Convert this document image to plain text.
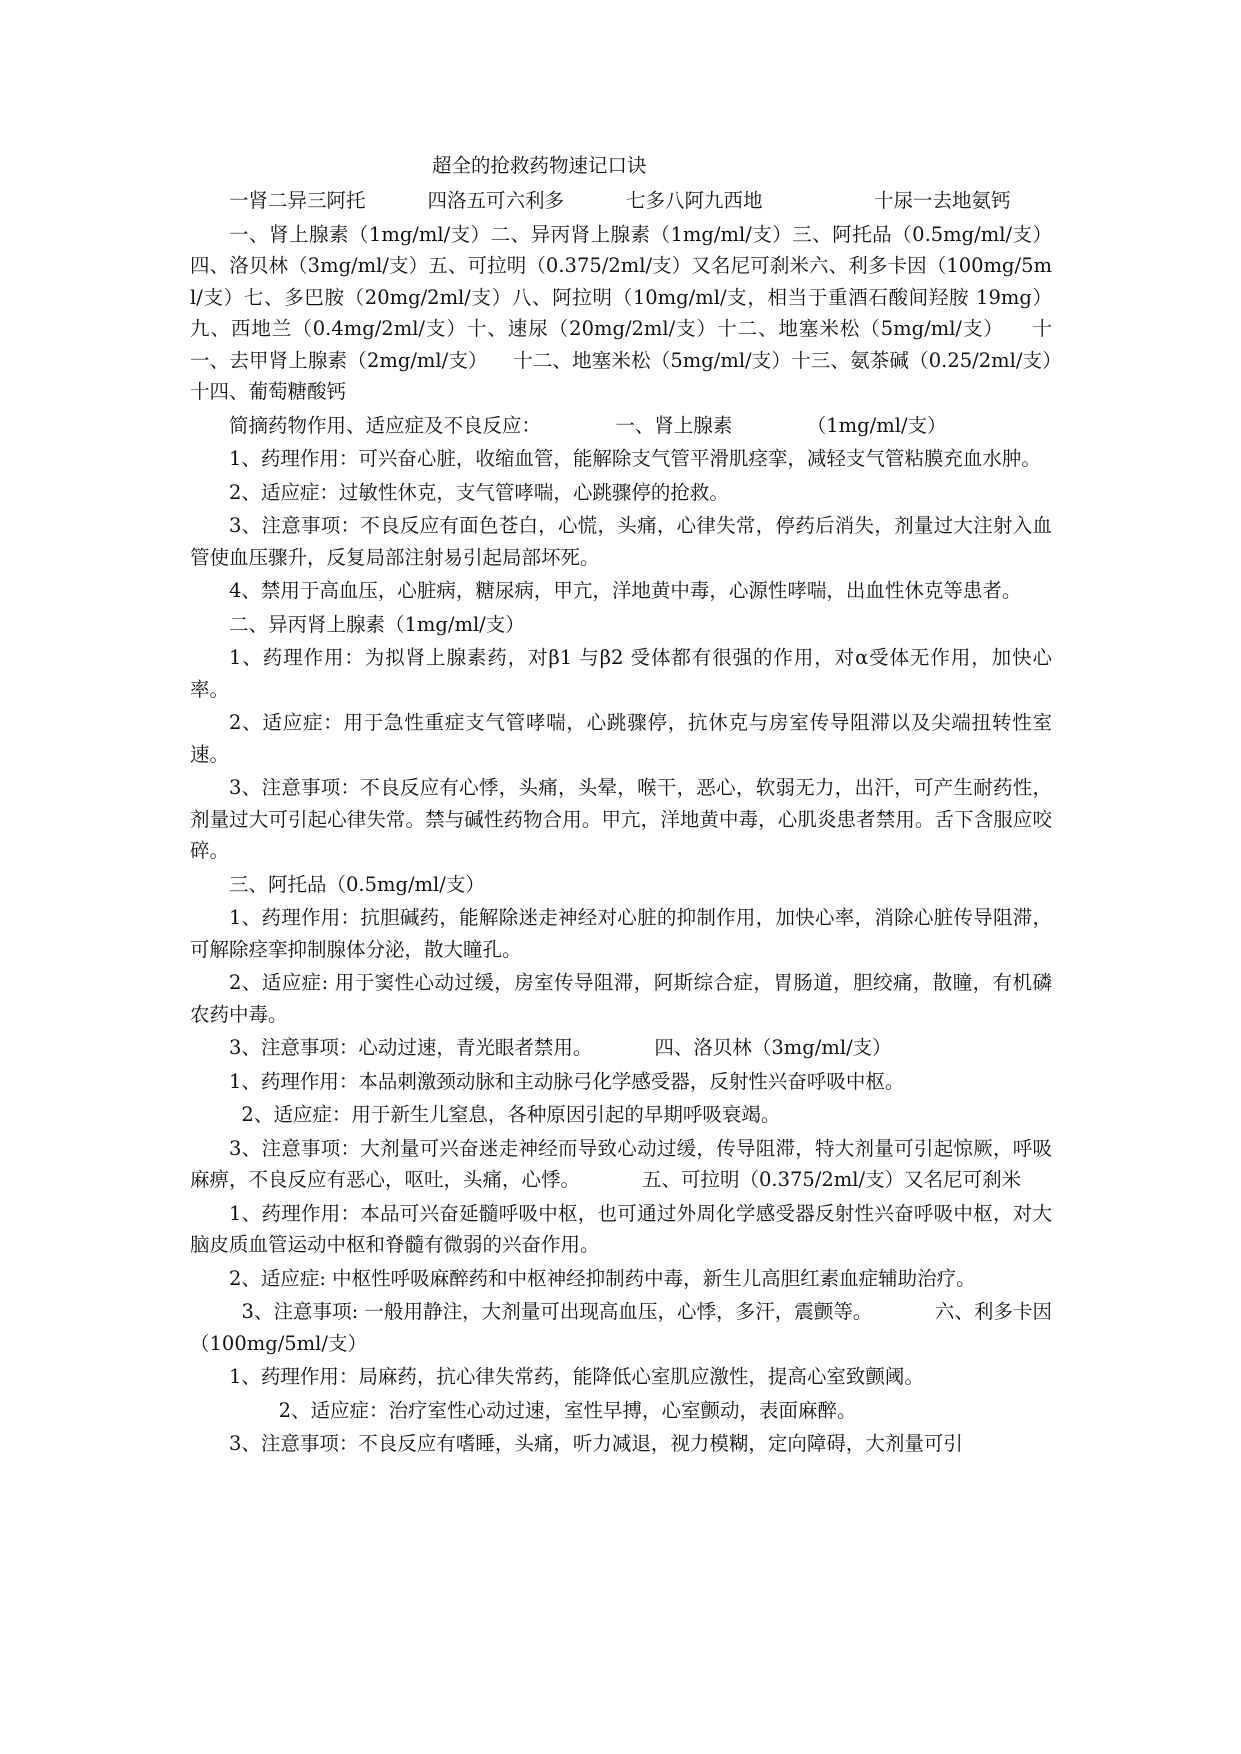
超全的抢救药物速记口诀

一肾二异三阿托          四洛五可六利多          七多八阿九西地                  十尿一去地氨钙

一、肾上腺素（1mg/ml/支）二、异丙肾上腺素（1mg/ml/支）三、阿托品（0.5mg/ml/支）四、洛贝林（3mg/ml/支）五、可拉明（0.375/2ml/支）又名尼可刹米六、利多卡因（100mg/5ml/支）七、多巴胺（20mg/2ml/支）八、阿拉明（10mg/ml/支，相当于重酒石酸间羟胺 19mg）    九、西地兰（0.4mg/2ml/支）十、速尿（20mg/2ml/支）十二、地塞米松（5mg/ml/支）    十一、去甲肾上腺素（2mg/ml/支）    十二、地塞米松（5mg/ml/支）十三、氨茶碱（0.25/2ml/支）十四、葡萄糖酸钙

简摘药物作用、适应症及不良反应：            一、肾上腺素            （1mg/ml/支）

1、药理作用：可兴奋心脏，收缩血管，能解除支气管平滑肌痉挛，减轻支气管粘膜充血水肿。

2、适应症：过敏性休克，支气管哮喘，心跳骤停的抢救。

3、注意事项：不良反应有面色苍白，心慌，头痛，心律失常，停药后消失，剂量过大注射入血管使血压骤升，反复局部注射易引起局部坏死。

4、禁用于高血压，心脏病，糖尿病，甲亢，洋地黄中毒，心源性哮喘，出血性休克等患者。

二、异丙肾上腺素（1mg/ml/支）

1、药理作用：为拟肾上腺素药，对β1 与β2 受体都有很强的作用，对α受体无作用，加快心率。

2、适应症：用于急性重症支气管哮喘，心跳骤停，抗休克与房室传导阻滞以及尖端扭转性室速。

3、注意事项：不良反应有心悸，头痛，头晕，喉干，恶心，软弱无力，出汗，可产生耐药性，剂量过大可引起心律失常。禁与碱性药物合用。甲亢，洋地黄中毒，心肌炎患者禁用。舌下含服应咬碎。

三、阿托品（0.5mg/ml/支）

1、药理作用：抗胆碱药，能解除迷走神经对心脏的抑制作用，加快心率，消除心脏传导阻滞，可解除痉挛抑制腺体分泌，散大瞳孔。

2、适应症: 用于窦性心动过缓，房室传导阻滞，阿斯综合症，胃肠道，胆绞痛，散瞳，有机磷农药中毒。

3、注意事项：心动过速，青光眼者禁用。          四、洛贝林（3mg/ml/支）

1、药理作用：本品刺激颈动脉和主动脉弓化学感受器，反射性兴奋呼吸中枢。

2、适应症：用于新生儿窒息，各种原因引起的早期呼吸衰竭。

3、注意事项：大剂量可兴奋迷走神经而导致心动过缓，传导阻滞，特大剂量可引起惊厥，呼吸麻痹，不良反应有恶心，呕吐，头痛，心悸。          五、可拉明（0.375/2ml/支）又名尼可刹米

1、药理作用：本品可兴奋延髓呼吸中枢，也可通过外周化学感受器反射性兴奋呼吸中枢，对大脑皮质血管运动中枢和脊髓有微弱的兴奋作用。

2、适应症: 中枢性呼吸麻醉药和中枢神经抑制药中毒，新生儿高胆红素血症辅助治疗。

3、注意事项: 一般用静注，大剂量可出现高血压，心悸，多汗，震颤等。          六、利多卡因（100mg/5ml/支）

1、药理作用：局麻药，抗心律失常药，能降低心室肌应激性，提高心室致颤阈。

2、适应症：治疗室性心动过速，室性早搏，心室颤动，表面麻醉。

3、注意事项：不良反应有嗜睡，头痛，听力减退，视力模糊，定向障碍，大剂量可引
